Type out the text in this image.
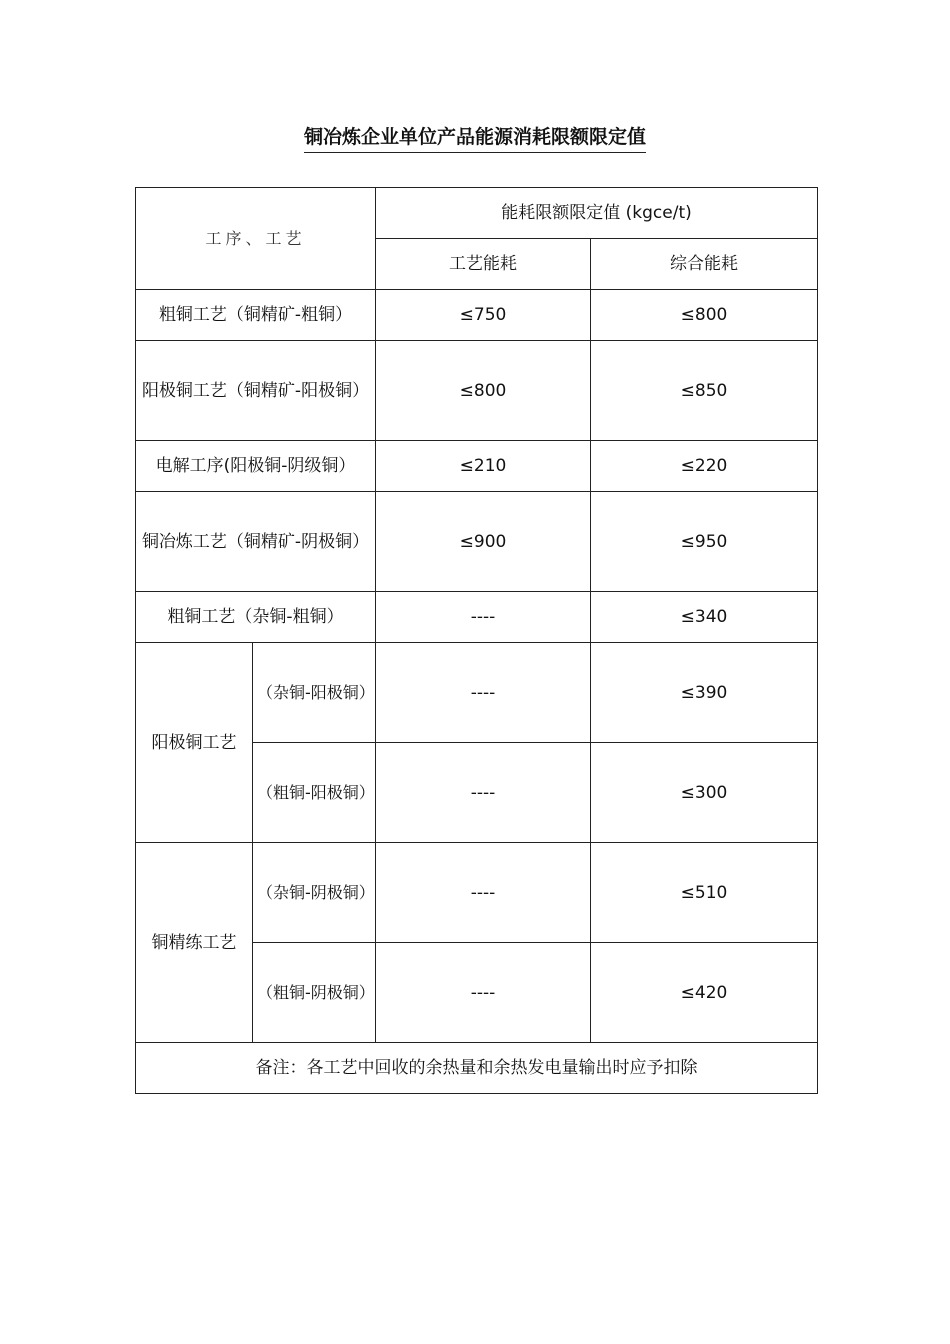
铜冶炼企业单位产品能源消耗限额限定值
工序、工艺		能耗限额限定值 (kgce/t)	
		工艺能耗	综合能耗
粗铜工艺（铜精矿-粗铜）		≤750	≤800
阳极铜工艺（铜精矿-阳极铜）		≤800	≤850
电解工序(阳极铜-阴级铜）		≤210	≤220
铜冶炼工艺（铜精矿-阴极铜）		≤900	≤950
粗铜工艺（杂铜-粗铜）		----	≤340
阳极铜工艺	（杂铜-阳极铜）	----	≤390
	（粗铜-阳极铜）	----	≤300
铜精练工艺	（杂铜-阴极铜）	----	≤510
	（粗铜-阴极铜）	----	≤420
备注：各工艺中回收的余热量和余热发电量输出时应予扣除			
